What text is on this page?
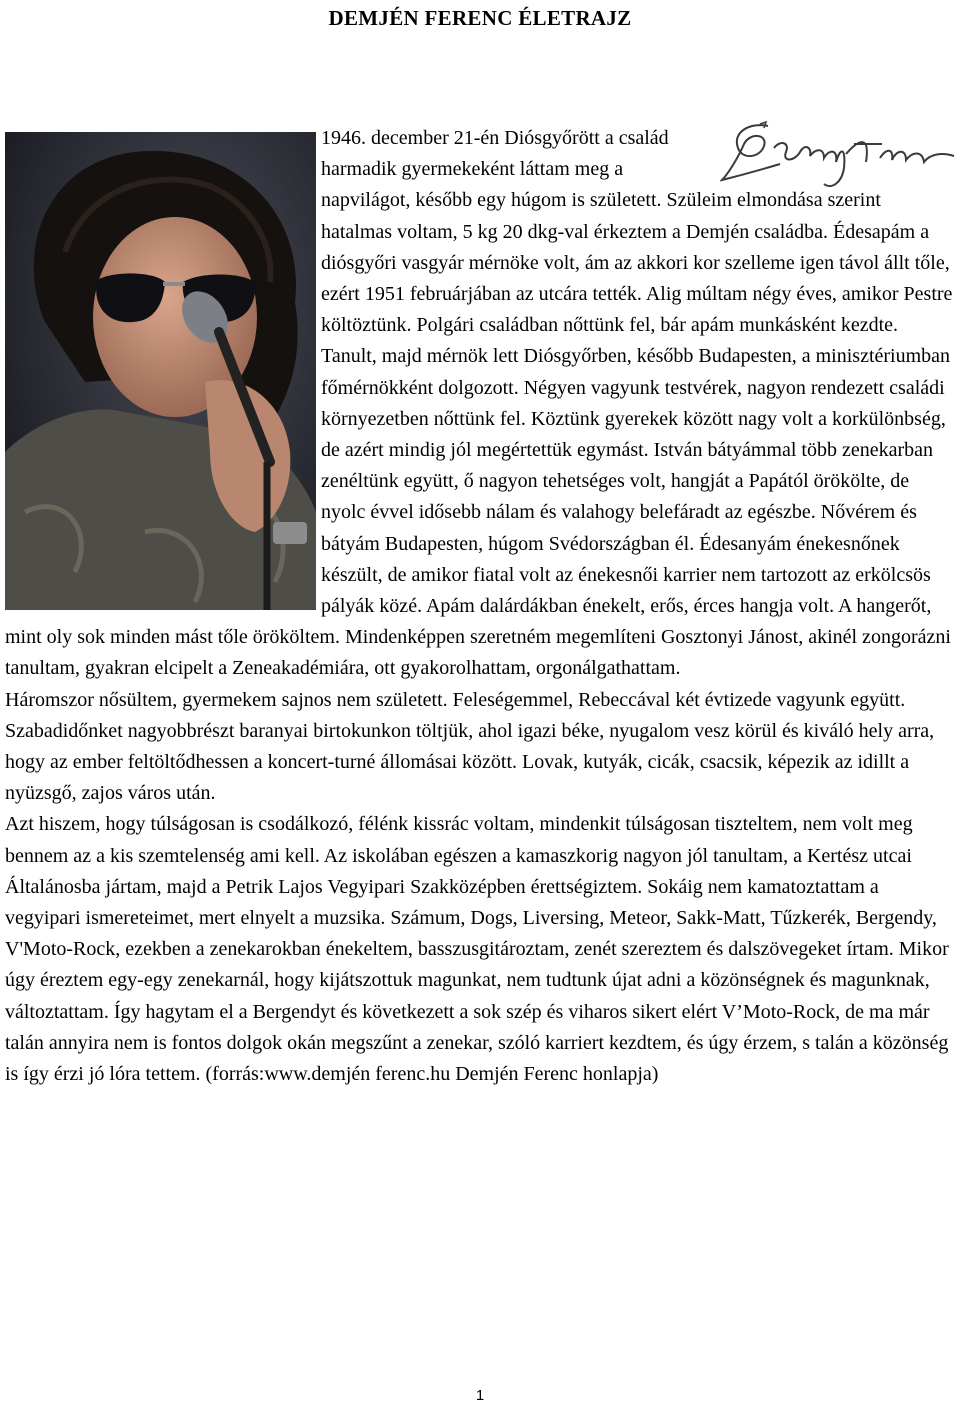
DEMJÉN FERENC ÉLETRAJZ

1946. december 21-én Diósgyőrött a család harmadik gyermekeként láttam meg a napvilágot, később egy húgom is született. Szüleim elmondása szerint hatalmas voltam, 5 kg 20 dkg-val érkeztem a Demjén családba. Édesapám a diósgyőri vasgyár mérnöke volt, ám az akkori kor szelleme igen távol állt tőle, ezért 1951 februárjában az utcára tették. Alig múltam négy éves, amikor Pestre költöztünk. Polgári családban nőttünk fel, bár apám munkásként kezdte. Tanult, majd mérnök lett Diósgyőrben, később Budapesten, a minisztériumban főmérnökként dolgozott. Négyen vagyunk testvérek, nagyon rendezett családi környezetben nőttünk fel. Köztünk gyerekek között nagy volt a korkülönbség, de azért mindig jól megértettük egymást. István bátyámmal több zenekarban zenéltünk együtt, ő nagyon tehetséges volt, hangját a Papától örökölte, de nyolc évvel idősebb nálam és valahogy belefáradt az egészbe. Nővérem és bátyám Budapesten, húgom Svédországban él. Édesanyám énekesnőnek készült, de amikor fiatal volt az énekesnői karrier nem tartozott az erkölcsös pályák közé. Apám dalárdákban énekelt, erős, érces hangja volt. A hangerőt, mint oly sok minden mást tőle örököltem. Mindenképpen szeretném megemlíteni Gosztonyi Jánost, akinél zongorázni tanultam, gyakran elcipelt a Zeneakadémiára, ott gyakorolhattam, orgonálgathattam.

Háromszor nősültem, gyermekem sajnos nem született. Feleségemmel, Rebeccával két évtizede vagyunk együtt. Szabadidőnket nagyobbrészt baranyai birtokunkon töltjük, ahol igazi béke, nyugalom vesz körül és kiváló hely arra, hogy az ember feltöltődhessen a koncert-turné állomásai között. Lovak, kutyák, cicák, csacsik, képezik az idillt a nyüzsgő, zajos város után.

Azt hiszem, hogy túlságosan is csodálkozó, félénk kissrác voltam, mindenkit túlságosan tiszteltem, nem volt meg bennem az a kis szemtelenség ami kell. Az iskolában egészen a kamaszkorig nagyon jól tanultam, a Kertész utcai Általánosba jártam, majd a Petrik Lajos Vegyipari Szakközépben érettségiztem. Sokáig nem kamatoztattam a vegyipari ismereteimet, mert elnyelt a muzsika. Számum, Dogs, Liversing, Meteor, Sakk-Matt, Tűzkerék, Bergendy, V'Moto-Rock, ezekben a zenekarokban énekeltem, basszusgitároztam, zenét szereztem és dalszövegeket írtam. Mikor úgy éreztem egy-egy zenekarnál, hogy kijátszottuk magunkat, nem tudtunk újat adni a közönségnek és magunknak, változtattam. Így hagytam el a Bergendyt és következett a sok szép és viharos sikert elért V’Moto-Rock, de ma már talán annyira nem is fontos dolgok okán megszűnt a zenekar, szóló karriert kezdtem, és úgy érzem, s talán a közönség is így érzi jó lóra tettem. (forrás:www.demjén ferenc.hu Demjén Ferenc honlapja)

1
